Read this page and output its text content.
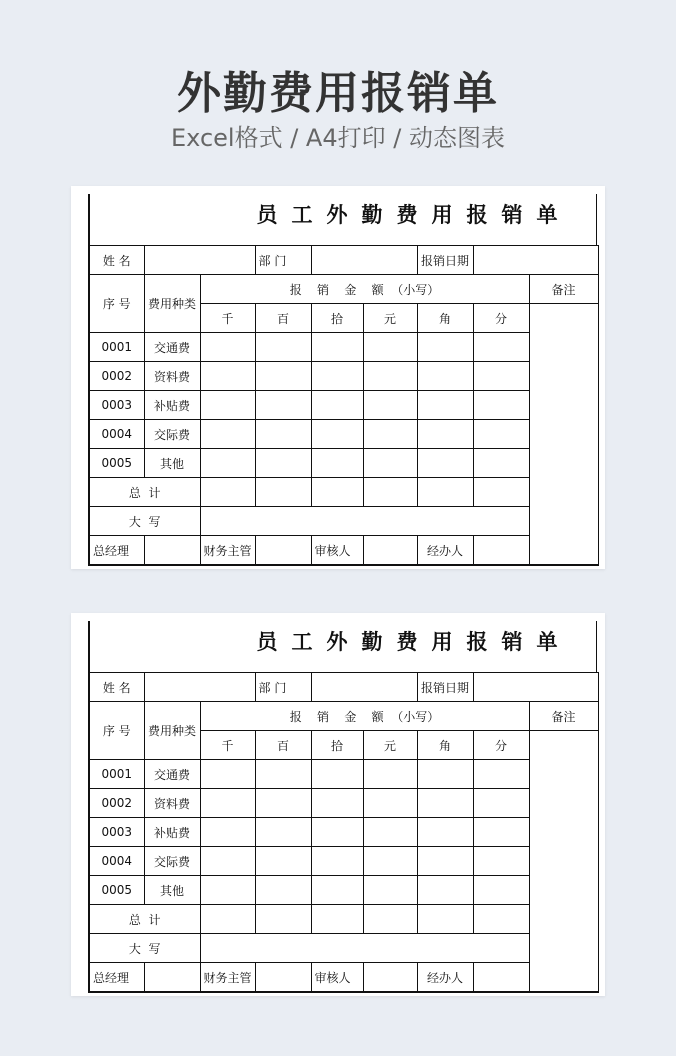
外勤费用报销单
Excel格式 / A4打印 / 动态图表
员工外勤费用报销单
姓 名			部 门			报销日期		
序 号	费用种类	报    销    金    额  （小写）						备注
		千	百	拾	元	角	分	
0001	交通费							
0002	资料费							
0003	补贴费							
0004	交际费							
0005	其他							
总  计								
大  写								
总经理		财务主管		审核人		经办人		
员工外勤费用报销单
姓 名			部 门			报销日期		
序 号	费用种类	报    销    金    额  （小写）						备注
		千	百	拾	元	角	分	
0001	交通费							
0002	资料费							
0003	补贴费							
0004	交际费							
0005	其他							
总  计								
大  写								
总经理		财务主管		审核人		经办人		
